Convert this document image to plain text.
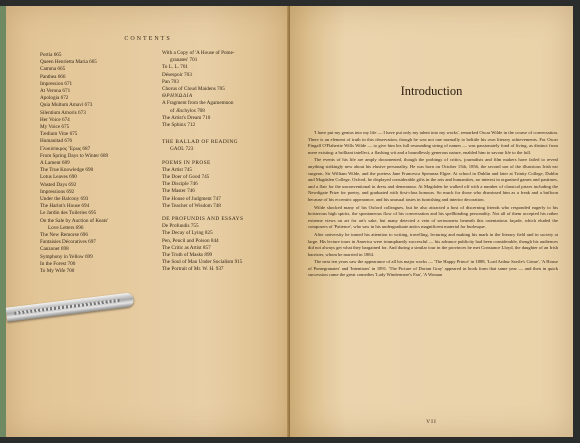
CONTENTS
Portia 665
Queen Henrietta Maria 665
Camma 665
Panthea 666
Impression 671
At Verona 671
Apologia 672
Quia Multum Amavi 673
Silentium Amoris 673
Her Voice 674
My Voice 675
Tædium Vitæ 675
Humanitad 676
Γλυκύπικρος Ἔρως 687
From Spring Days to Winter 689
A Lament 689
The True Knowledge 690
Lotus Leaves 690
Wasted Days 692
Impressions 692
Under the Balcony 693
The Harlot's House 694
Le Jardin des Tuileries 695
On the Sale by Auction of Keats'
Love Letters 696
The New Remorse 696
Fantaisies Décoratives 697
Canzonet 698
Symphony in Yellow 699
In the Forest 700
To My Wife 700
With a Copy of 'A House of Pome-
granates' 701
To L. L. 701
Désespoir 703
Pan 703
Chorus of Cloud Maidens 705
ΘΡΗΝΩΔΙΑ
A Fragment from the Agamemnon
of Æschylos 708
The Artist's Dream 710
The Sphinx 712
THE BALLAD OF READING
GAOL 723
POEMS IN PROSE
The Artist 745
The Doer of Good 745
The Disciple 746
The Master 746
The House of Judgment 747
The Teacher of Wisdom 748
DE PROFUNDIS AND ESSAYS
De Profundis 755
The Decay of Lying 825
Pen, Pencil and Poison 844
The Critic as Artist 857
The Truth of Masks 899
The Soul of Man Under Socialism 915
The Portrait of Mr. W. H. 937
Introduction

'I have put my genius into my life — I have put only my talent into my works', remarked Oscar Wilde in the course of conversation. There is an element of truth in this observation, though he was not one normally to belittle his own literary achievements. For Oscar Fingall O'Flahertie Wills Wilde — to give him his full resounding string of names — was passionately fond of living, as distinct from mere existing: a brilliant intellect, a flashing wit and a boundlessly generous nature, enabled him to savour life to the full.

The events of his life are amply documented, though the probings of critics, journalists and film makers have failed to reveal anything strikingly new about his elusive personality. He was born on October 15th, 1856, the second son of the illustrious Irish ear surgeon, Sir William Wilde, and the poetess Jane Francesca Speranza Elgee. At school in Dublin and later at Trinity College, Dublin and Magdalen College, Oxford, he displayed considerable gifts in the arts and humanities, no interest in organised games and pastimes, and a flair for the unconventional in dress and demeanour. At Magdalen he walked off with a number of classical prizes including the Newdigate Prize for poetry, and graduated with first-class honours. So much for those who dismissed him as a freak and a buffoon because of his eccentric appearance, and his unusual tastes in furnishing and interior decoration.

Wilde shocked many of his Oxford colleagues, but he also attracted a host of discerning friends who responded eagerly to his boisterous high spirits, the spontaneous flow of his conversation and his spellbinding personality. Not all of them accepted his rather extreme views on art for art's sake, but many detected a vein of seriousness beneath this ostentatious façade, which eluded the composers of 'Patience', who saw in his undergraduate antics magnificent material for burlesque.

After university he turned his attention to writing, travelling, lecturing and making his mark in the literary field and in society at large. His lecture tours in America were triumphantly successful — his advance publicity had been considerable, though his audiences did not always get what they bargained for. And during a similar tour in the provinces he met Constance Lloyd, the daughter of an Irish barrister, whom he married in 1884.

The next ten years saw the appearance of all his major works — 'The Happy Prince' in 1888, 'Lord Arthur Savile's Crime', 'A House of Pomegranates' and 'Intentions' in 1891. 'The Picture of Dorian Gray' appeared in book form that same year — and then in quick succession came the great comedies 'Lady Windermere's Fan', 'A Woman

VII
